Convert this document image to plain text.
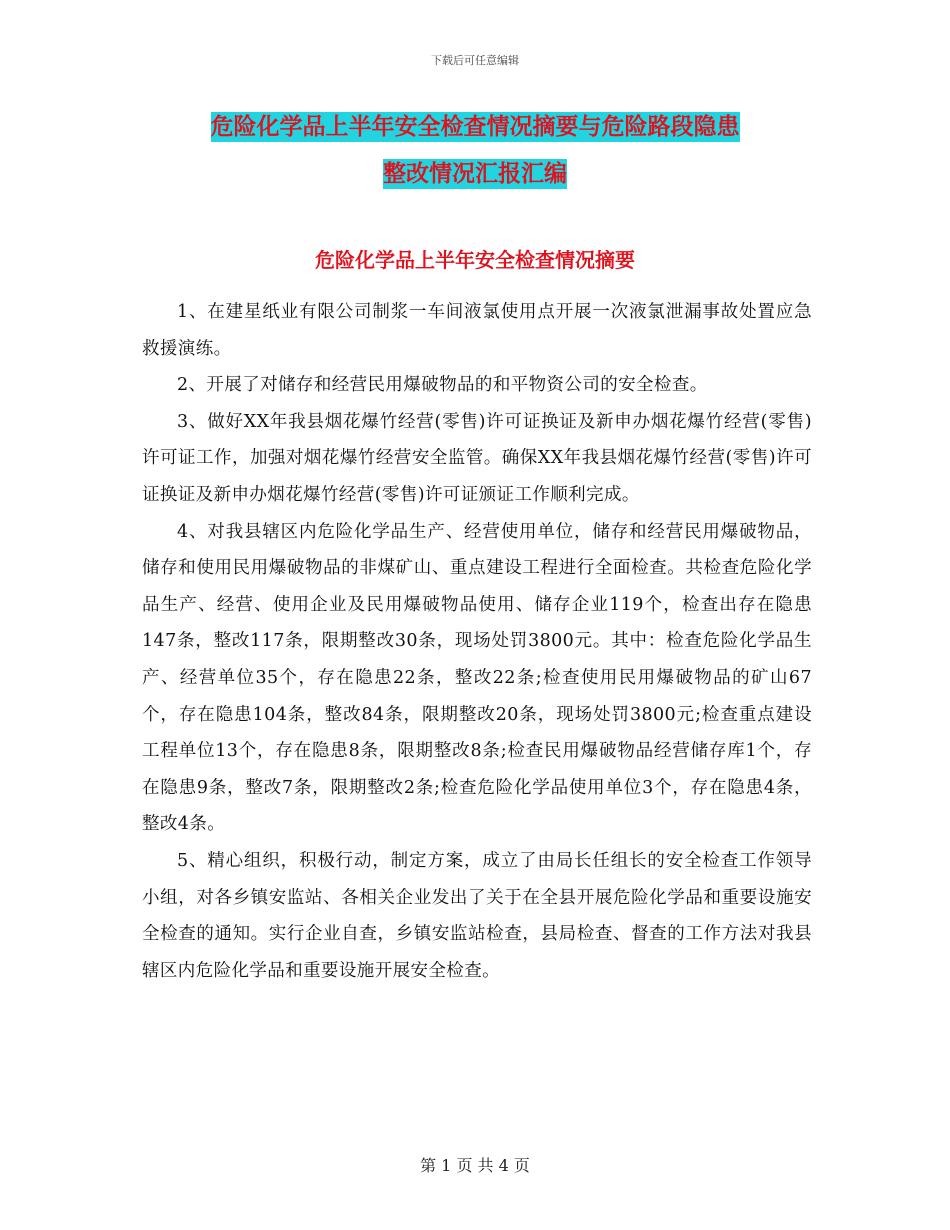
下载后可任意编辑
危险化学品上半年安全检查情况摘要与危险路段隐患
整改情况汇报汇编
危险化学品上半年安全检查情况摘要

1、在建星纸业有限公司制浆一车间液氯使用点开展一次液氯泄漏事故处置应急救援演练。

2、开展了对储存和经营民用爆破物品的和平物资公司的安全检查。

3、做好XX年我县烟花爆竹经营(零售)许可证换证及新申办烟花爆竹经营(零售)许可证工作，加强对烟花爆竹经营安全监管。确保XX年我县烟花爆竹经营(零售)许可证换证及新申办烟花爆竹经营(零售)许可证颁证工作顺利完成。

4、对我县辖区内危险化学品生产、经营使用单位，储存和经营民用爆破物品，储存和使用民用爆破物品的非煤矿山、重点建设工程进行全面检查。共检查危险化学品生产、经营、使用企业及民用爆破物品使用、储存企业119个，检查出存在隐患147条，整改117条，限期整改30条，现场处罚3800元。其中：检查危险化学品生产、经营单位35个，存在隐患22条，整改22条;检查使用民用爆破物品的矿山67个，存在隐患104条，整改84条，限期整改20条，现场处罚3800元;检查重点建设工程单位13个，存在隐患8条，限期整改8条;检查民用爆破物品经营储存库1个，存在隐患9条，整改7条，限期整改2条;检查危险化学品使用单位3个，存在隐患4条，整改4条。

5、精心组织，积极行动，制定方案，成立了由局长任组长的安全检查工作领导小组，对各乡镇安监站、各相关企业发出了关于在全县开展危险化学品和重要设施安全检查的通知。实行企业自查，乡镇安监站检查，县局检查、督查的工作方法对我县辖区内危险化学品和重要设施开展安全检查。

第 1 页 共 4 页
